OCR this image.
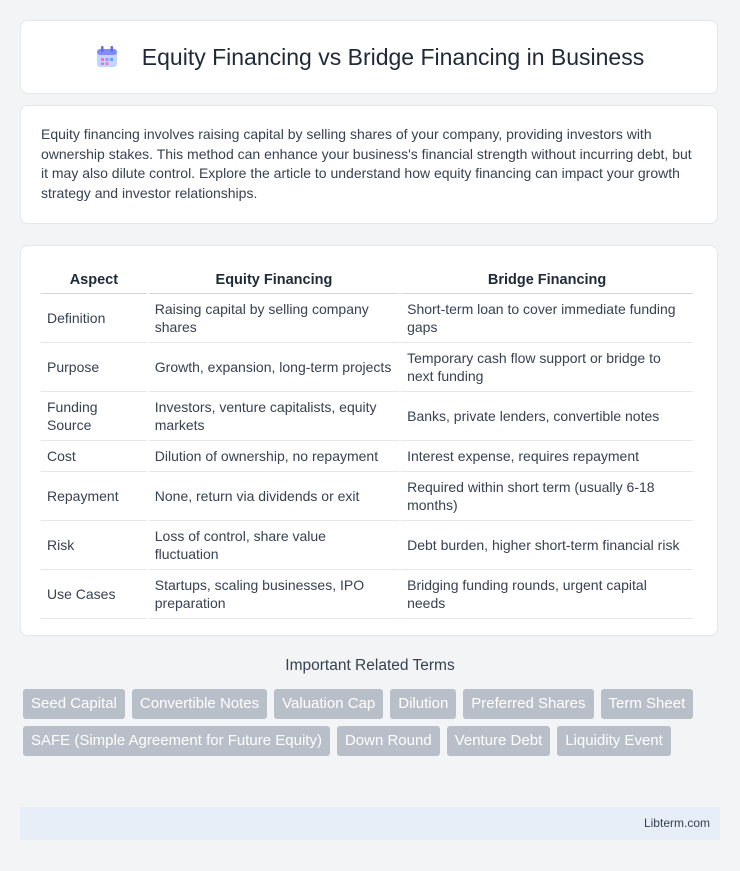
Equity Financing vs Bridge Financing in Business

Equity financing involves raising capital by selling shares of your company, providing investors with ownership stakes. This method can enhance your business's financial strength without incurring debt, but it may also dilute control. Explore the article to understand how equity financing can impact your growth strategy and investor relationships.

Aspect	Equity Financing	Bridge Financing
Definition	Raising capital by selling company shares	Short-term loan to cover immediate funding gaps
Purpose	Growth, expansion, long-term projects	Temporary cash flow support or bridge to next funding
Funding Source	Investors, venture capitalists, equity markets	Banks, private lenders, convertible notes
Cost	Dilution of ownership, no repayment	Interest expense, requires repayment
Repayment	None, return via dividends or exit	Required within short term (usually 6-18 months)
Risk	Loss of control, share value fluctuation	Debt burden, higher short-term financial risk
Use Cases	Startups, scaling businesses, IPO preparation	Bridging funding rounds, urgent capital needs
Important Related Terms
Seed Capital	Convertible Notes	Valuation Cap	Dilution	Preferred Shares	Term Sheet
SAFE (Simple Agreement for Future Equity)	Down Round	Venture Debt	Liquidity Event
Libterm.com
